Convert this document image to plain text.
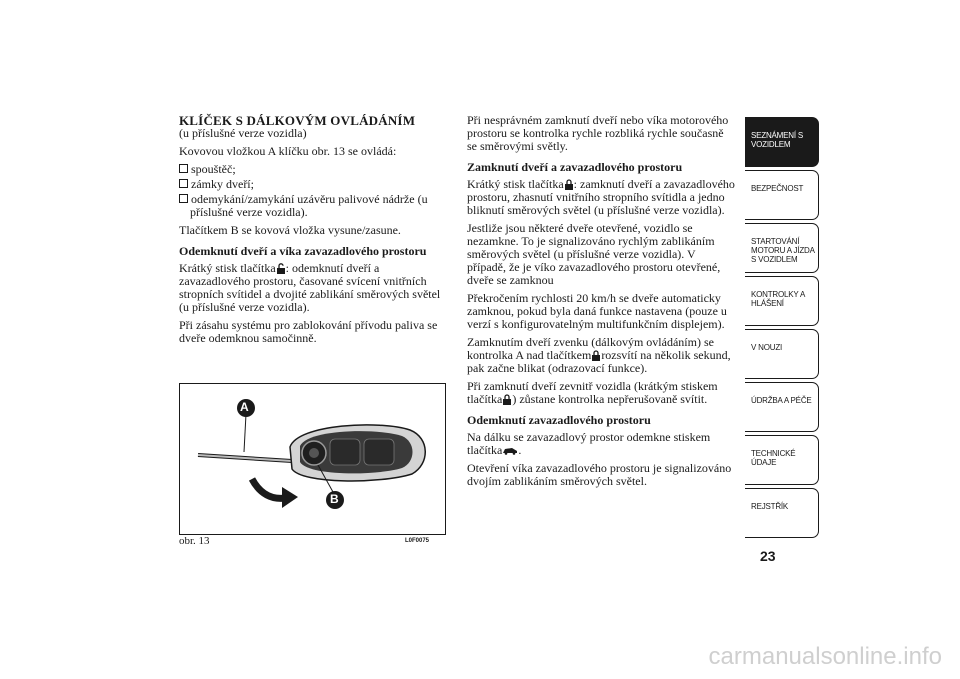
KLÍČEK S DÁLKOVÝM OVLÁDÁNÍM

(u příslušné verze vozidla)

Kovovou vložkou A klíčku obr. 13 se ovládá:

spouštěč;
zámky dveří;
odemykání/zamykání uzávěru palivové nádrže (u příslušné verze vozidla).

Tlačítkem B se kovová vložka vysune/zasune.

Odemknutí dveří a víka zavazadlového prostoru

Krátký stisk tlačítka : odemknutí dveří a zavazadlového prostoru, časované svícení vnitřních stropních svítidel a dvojité zablikání směrových světel (u příslušné verze vozidla).

Při zásahu systému pro zablokování přívodu paliva se dveře odemknou samočinně.

A
B
obr. 13	L0F0075

Při nesprávném zamknutí dveří nebo víka motorového prostoru se kontrolka rychle rozbliká rychle současně se směrovými světly.

Zamknutí dveří a zavazadlového prostoru

Krátký stisk tlačítka : zamknutí dveří a zavazadlového prostoru, zhasnutí vnitřního stropního svítidla a jedno bliknutí směrových světel (u příslušné verze vozidla).

Jestliže jsou některé dveře otevřené, vozidlo se nezamkne. To je signalizováno rychlým zablikáním směrových světel (u příslušné verze vozidla). V případě, že je víko zavazadlového prostoru otevřené, dveře se zamknou

Překročením rychlosti 20 km/h se dveře automaticky zamknou, pokud byla daná funkce nastavena (pouze u verzí s konfigurovatelným multifunkčním displejem).

Zamknutím dveří zvenku (dálkovým ovládáním) se kontrolka A nad tlačítkem rozsvítí na několik sekund, pak začne blikat (odrazovací funkce).

Při zamknutí dveří zevnitř vozidla (krátkým stiskem tlačítka ) zůstane kontrolka nepřerušovaně svítit.

Odemknutí zavazadlového prostoru

Na dálku se zavazadlový prostor odemkne stiskem tlačítka .

Otevření víka zavazadlového prostoru je signalizováno dvojím zablikáním směrových světel.

SEZNÁMENÍ S VOZIDLEM
BEZPEČNOST
STARTOVÁNÍ MOTORU A JÍZDA S VOZIDLEM
KONTROLKY A HLÁŠENÍ
V NOUZI
ÚDRŽBA A PÉČE
TECHNICKÉ ÚDAJE
REJSTŘÍK
23
carmanualsonline.info
